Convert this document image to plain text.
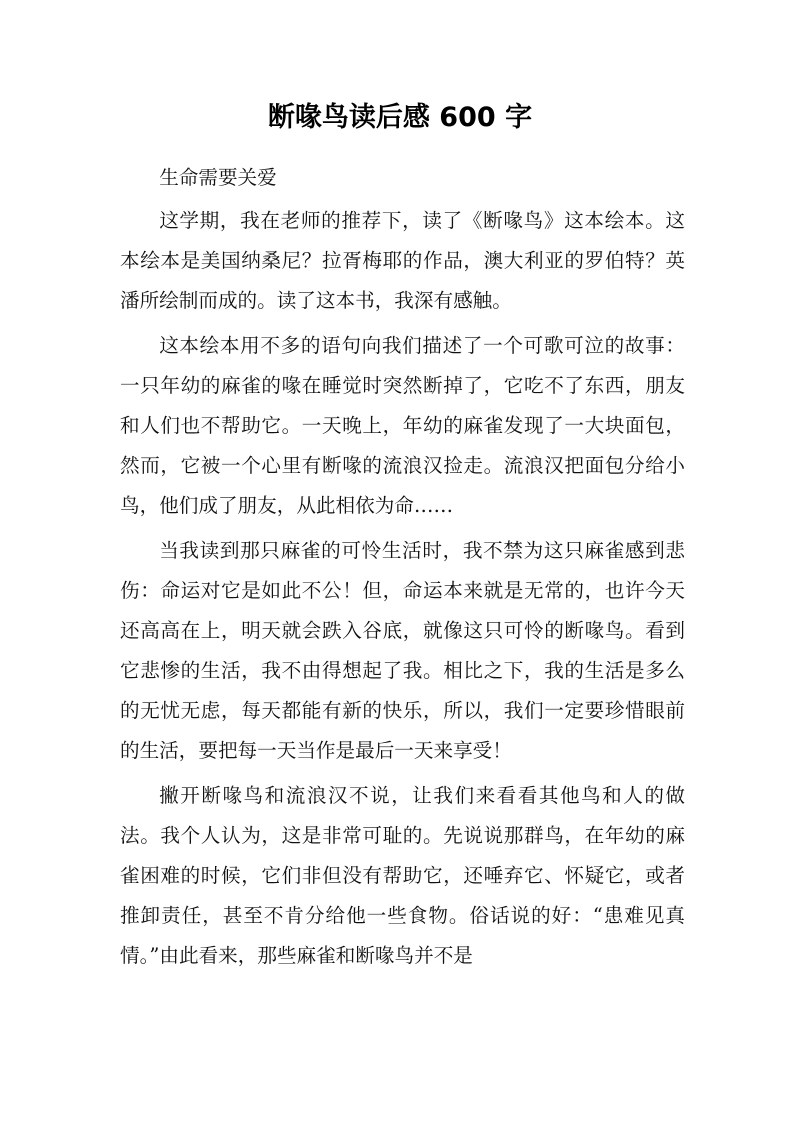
断喙鸟读后感 600 字

生命需要关爱

这学期，我在老师的推荐下，读了《断喙鸟》这本绘本。这本绘本是美国纳桑尼？拉胥梅耶的作品，澳大利亚的罗伯特？英潘所绘制而成的。读了这本书，我深有感触。

这本绘本用不多的语句向我们描述了一个可歌可泣的故事：一只年幼的麻雀的喙在睡觉时突然断掉了，它吃不了东西，朋友和人们也不帮助它。一天晚上，年幼的麻雀发现了一大块面包，然而，它被一个心里有断喙的流浪汉捡走。流浪汉把面包分给小鸟，他们成了朋友，从此相依为命……

当我读到那只麻雀的可怜生活时，我不禁为这只麻雀感到悲伤：命运对它是如此不公！但，命运本来就是无常的，也许今天还高高在上，明天就会跌入谷底，就像这只可怜的断喙鸟。看到它悲惨的生活，我不由得想起了我。相比之下，我的生活是多么的无忧无虑，每天都能有新的快乐，所以，我们一定要珍惜眼前的生活，要把每一天当作是最后一天来享受！

撇开断喙鸟和流浪汉不说，让我们来看看其他鸟和人的做法。我个人认为，这是非常可耻的。先说说那群鸟，在年幼的麻雀困难的时候，它们非但没有帮助它，还唾弃它、怀疑它，或者推卸责任，甚至不肯分给他一些食物。俗话说的好：“患难见真情。”由此看来，那些麻雀和断喙鸟并不是
